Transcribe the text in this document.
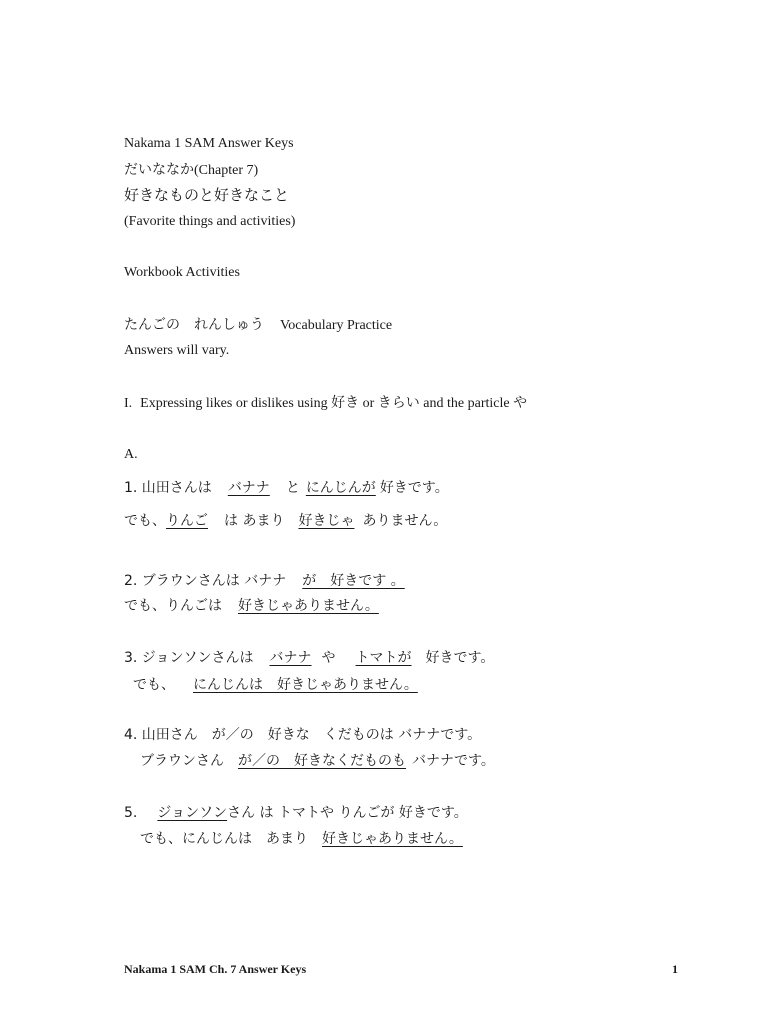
Nakama 1 SAM Answer Keys
だいななか(Chapter 7)
好きなものと好きなこと
(Favorite things and activities)
Workbook Activities
たんごの　れんしゅう Vocabulary Practice
Answers will vary.
I. Expressing likes or dislikes using 好き or きらい and the particle や
A.
1. 山田さんは バナナ と にんじんが 好きです。
でも、りんご は あまり 好きじゃ ありません。
2. ブラウンさんは バナナ が　好きです 。
でも、りんごは 好きじゃありません。
3. ジョンソンさんは バナナ や トマトが 好きです。
でも、 にんじんは　好きじゃありません。
4. 山田さん　が／の　好きな　くだものは バナナです。
ブラウンさん が／の　好きなくだものも バナナです。
5. ジョンソンさん は トマトや りんごが 好きです。
でも、にんじんは　あまり 好きじゃありません。
Nakama 1 SAM Ch. 7 Answer Keys	1
